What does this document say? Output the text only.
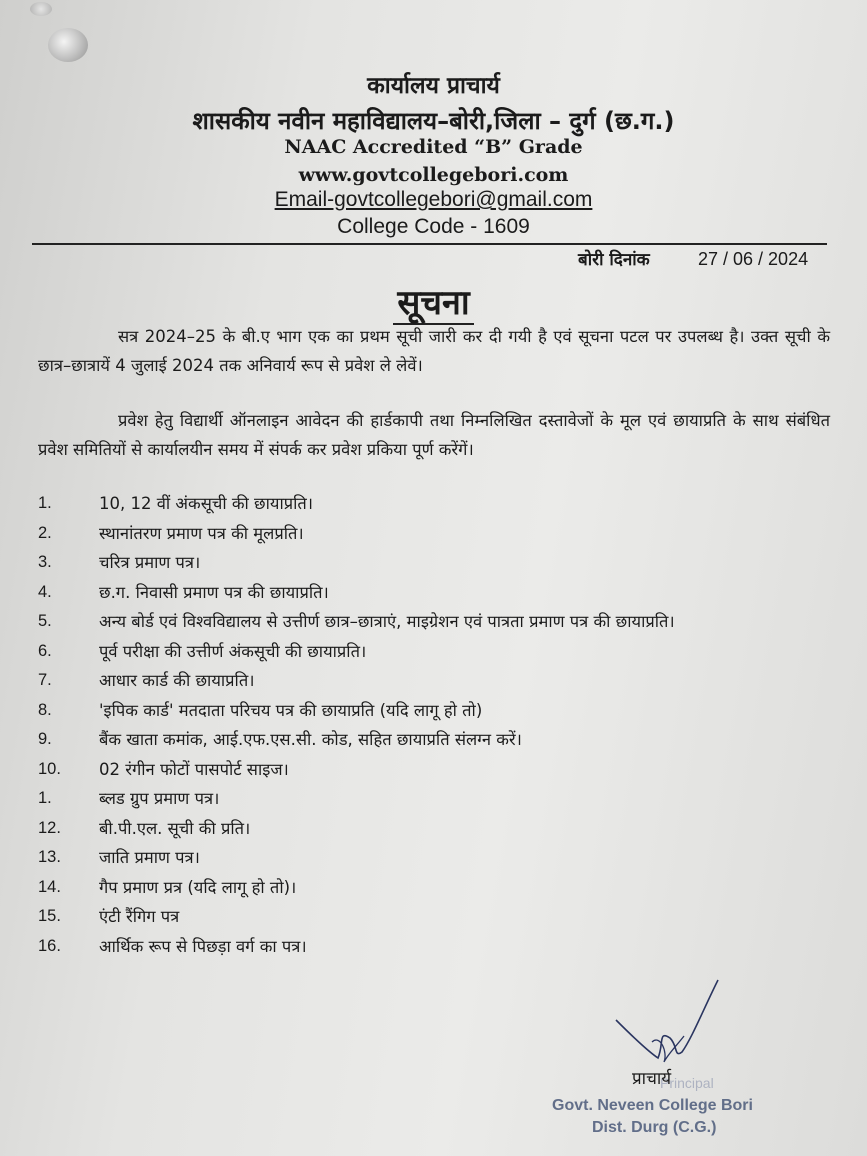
कार्यालय प्राचार्य
शासकीय नवीन महाविद्यालय–बोरी,जिला – दुर्ग (छ.ग.)
NAAC Accredited “B” Grade
www.govtcollegebori.com
Email-govtcollegebori@gmail.com
College Code - 1609
बोरी दिनांक	27 / 06 / 2024
सूचना
सत्र 2024–25 के बी.ए भाग एक का प्रथम सूची जारी कर दी गयी है एवं सूचना पटल पर उपलब्ध है। उक्त सूची के छात्र–छात्रायें 4 जुलाई 2024 तक अनिवार्य रूप से प्रवेश ले लेवें।
प्रवेश हेतु विद्यार्थी ऑनलाइन आवेदन की हार्डकापी तथा निम्नलिखित दस्तावेजों के मूल एवं छायाप्रति के साथ संबंधित प्रवेश समितियों से कार्यालयीन समय में संपर्क कर प्रवेश प्रकिया पूर्ण करेंगें।
1.	10, 12 वीं अंकसूची की छायाप्रति।
2.	स्थानांतरण प्रमाण पत्र की मूलप्रति।
3.	चरित्र प्रमाण पत्र।
4.	छ.ग. निवासी प्रमाण पत्र की छायाप्रति।
5.	अन्य बोर्ड एवं विश्वविद्यालय से उत्तीर्ण छात्र–छात्राएं, माइग्रेशन एवं पात्रता प्रमाण पत्र की छायाप्रति।
6.	पूर्व परीक्षा की उत्तीर्ण अंकसूची की छायाप्रति।
7.	आधार कार्ड की छायाप्रति।
8.	'इपिक कार्ड' मतदाता परिचय पत्र की छायाप्रति (यदि लागू हो तो)
9.	बैंक खाता कमांक, आई.एफ.एस.सी. कोड, सहित छायाप्रति संलग्न करें।
10. 02 रंगीन फोटों पासपोर्ट साइज।
1.	ब्लड ग्रुप प्रमाण पत्र।
12. बी.पी.एल. सूची की प्रति।
13. जाति प्रमाण पत्र।
14. गैप प्रमाण प्रत्र (यदि लागू हो तो)।
15. एंटी रैंगिग पत्र
16. आर्थिक रूप से पिछड़ा वर्ग का पत्र।
Principal
प्राचार्य
Govt. Neveen College Bori
Dist. Durg (C.G.)
